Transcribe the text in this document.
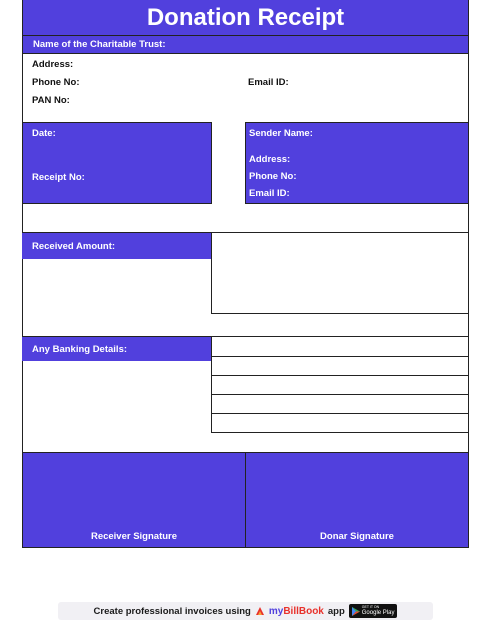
Donation Receipt
Name of the Charitable Trust:
Address:
Phone No:	Email ID:
PAN No:
Date:
Receipt No:
Sender Name:
Address:
Phone No:
Email ID:
Received Amount:
Any Banking Details:
Receiver Signature	Donar Signature
Create professional invoices using my BillBook app	GET IT ON
Google Play
